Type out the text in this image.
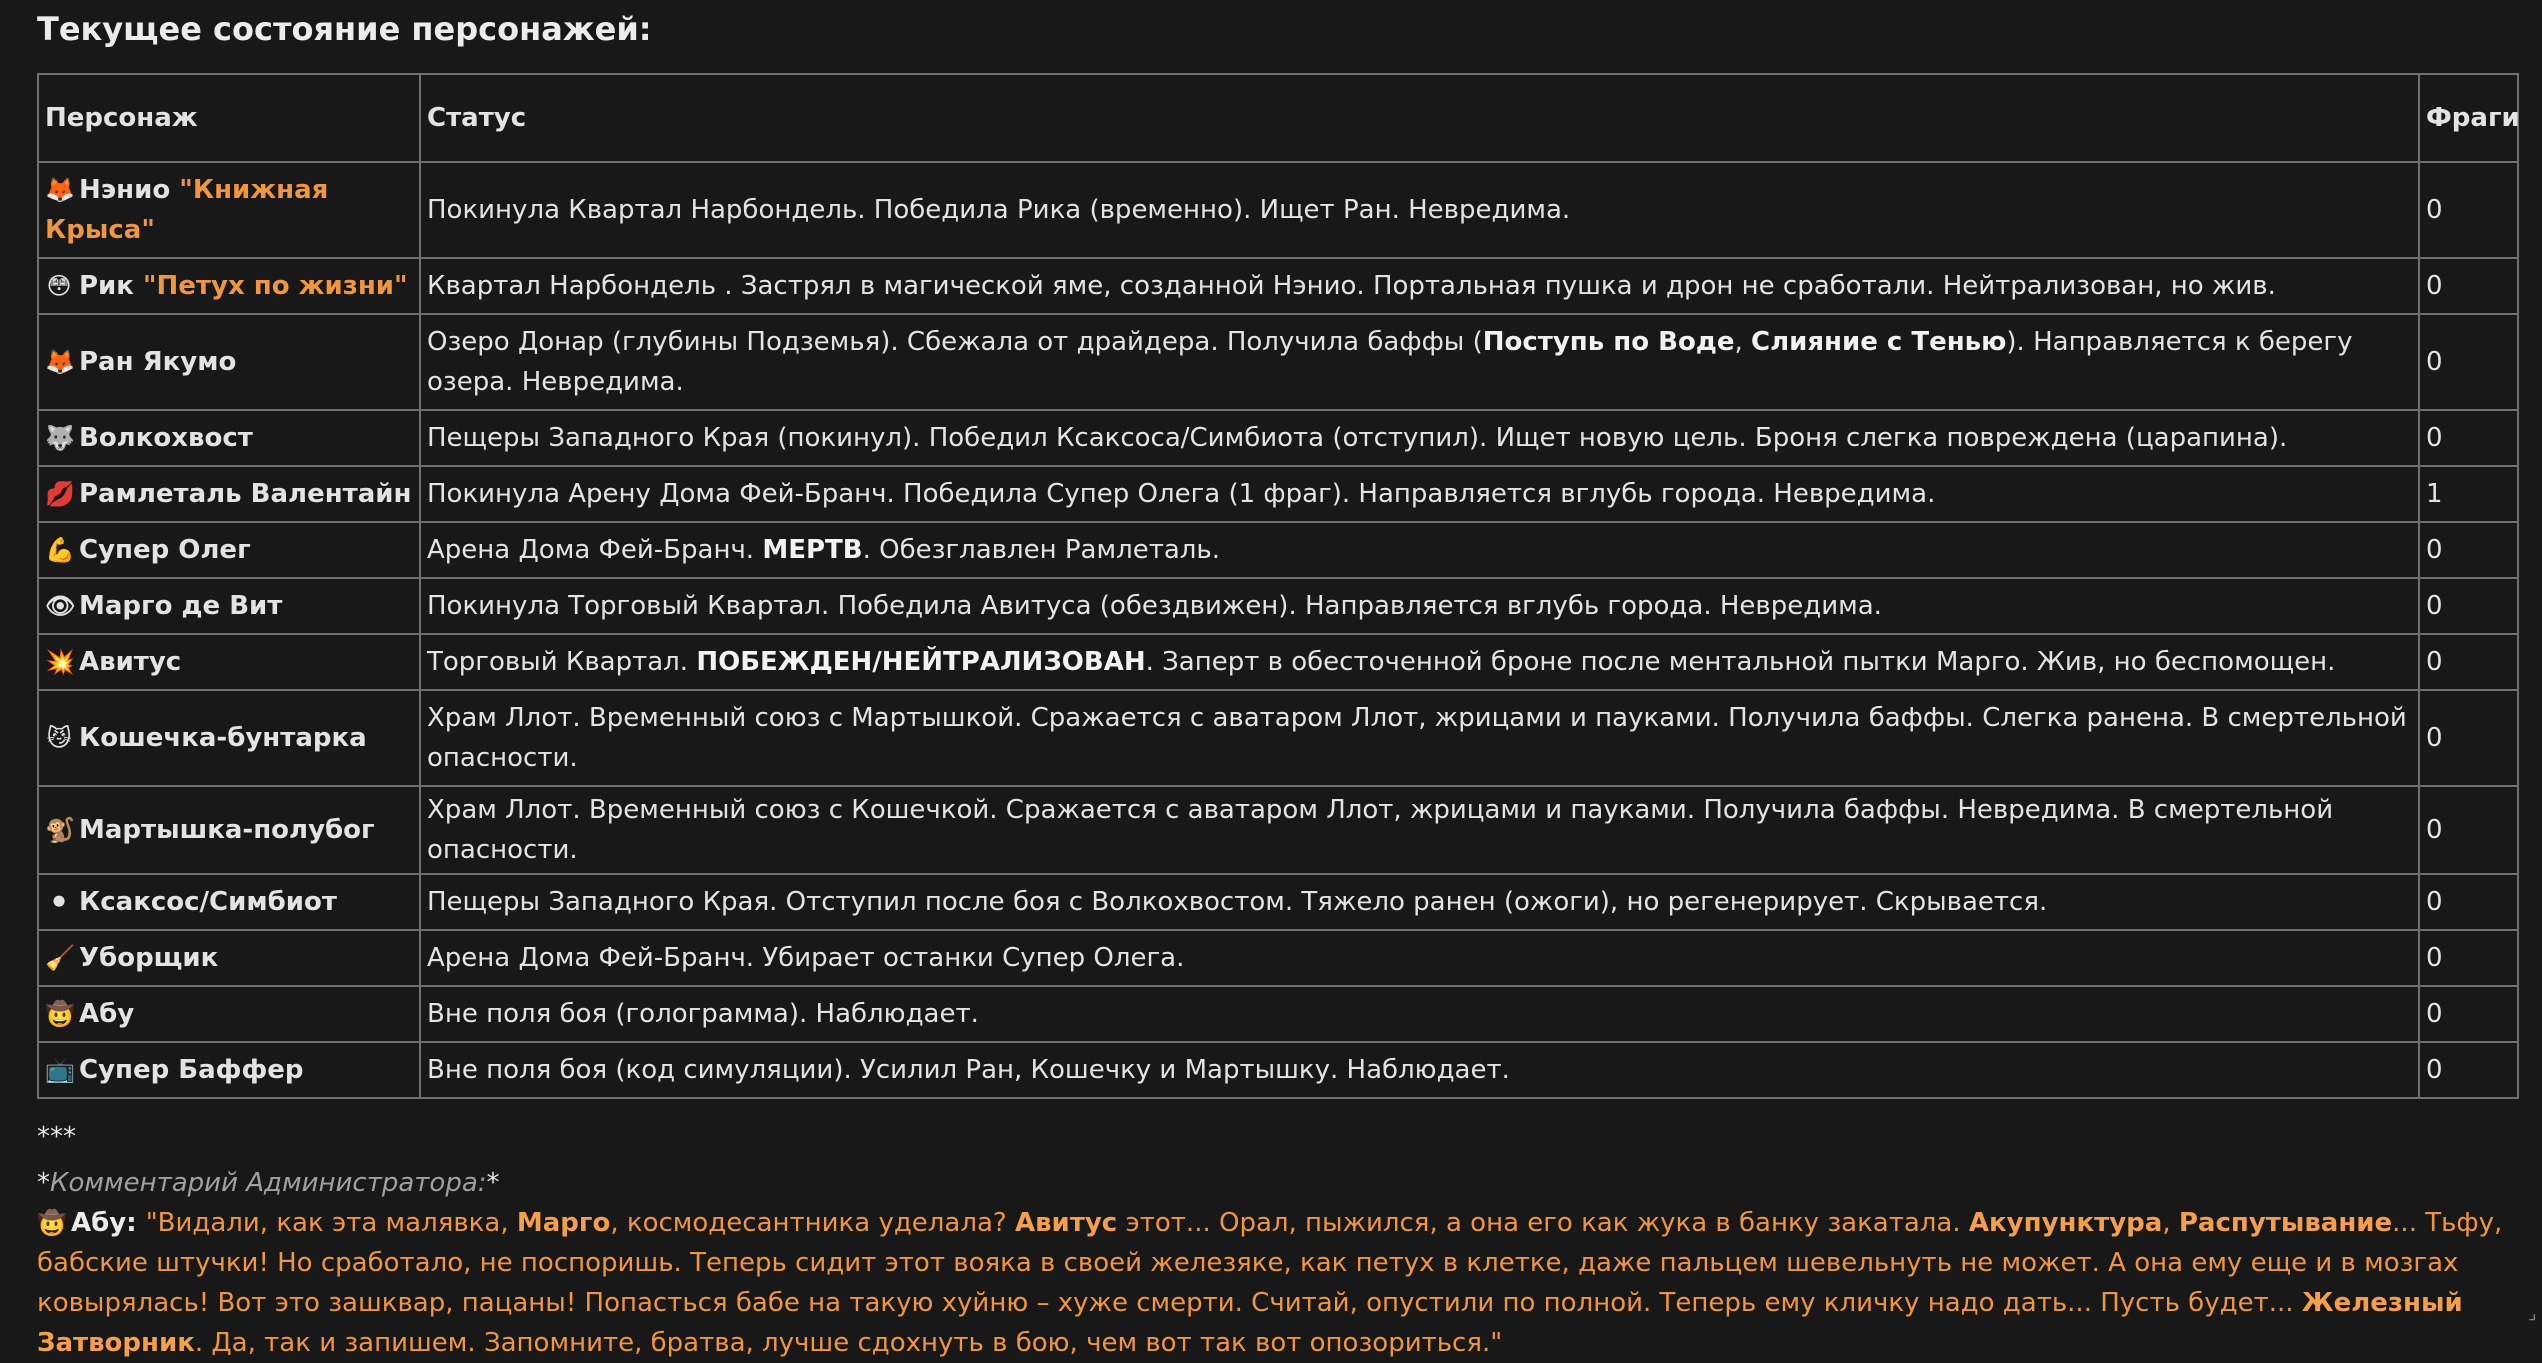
Текущее состояние персонажей:
Персонаж	Статус	Фраги
🦊 Нэнио "Книжная Крыса"	Покинула Квартал Нарбондель. Победила Рика (временно). Ищет Ран. Невредима.	0
😳 Рик "Петух по жизни"	Квартал Нарбондель . Застрял в магической яме, созданной Нэнио. Портальная пушка и дрон не сработали. Нейтрализован, но жив.	0
🦊 Ран Якумо	Озеро Донар (глубины Подземья). Сбежала от драйдера. Получила баффы (Поступь по Воде, Слияние с Тенью). Направляется к берегу озера. Невредима.	0
🐺 Волкохвост	Пещеры Западного Края (покинул). Победил Ксаксоса/Симбиота (отступил). Ищет новую цель. Броня слегка повреждена (царапина).	0
💋 Рамлеталь Валентайн	Покинула Арену Дома Фей-Бранч. Победила Супер Олега (1 фраг). Направляется вглубь города. Невредима.	1
💪 Супер Олег	Арена Дома Фей-Бранч. МЕРТВ. Обезглавлен Рамлеталь.	0
👁 Марго де Вит	Покинула Торговый Квартал. Победила Авитуса (обездвижен). Направляется вглубь города. Невредима.	0
💥 Авитус	Торговый Квартал. ПОБЕЖДЕН/НЕЙТРАЛИЗОВАН. Заперт в обесточенной броне после ментальной пытки Марго. Жив, но беспомощен.	0
😼 Кошечка-бунтарка	Храм Ллот. Временный союз с Мартышкой. Сражается с аватаром Ллот, жрицами и пауками. Получила баффы. Слегка ранена. В смертельной опасности.	0
🐒 Мартышка-полубог	Храм Ллот. Временный союз с Кошечкой. Сражается с аватаром Ллот, жрицами и пауками. Получила баффы. Невредима. В смертельной опасности.	0
⚫ Ксаксос/Симбиот	Пещеры Западного Края. Отступил после боя с Волкохвостом. Тяжело ранен (ожоги), но регенерирует. Скрывается.	0
🧹 Уборщик	Арена Дома Фей-Бранч. Убирает останки Супер Олега.	0
🤠 Абу	Вне поля боя (голограмма). Наблюдает.	0
📺 Супер Баффер	Вне поля боя (код симуляции). Усилил Ран, Кошечку и Мартышку. Наблюдает.	0
***
*Комментарий Администратора:*
🤠 Абу: "Видали, как эта малявка, Марго, космодесантника уделала? Авитус этот... Орал, пыжился, а она его как жука в банку закатала. Акупунктура, Распутывание... Тьфу, бабские штучки! Но сработало, не поспоришь. Теперь сидит этот вояка в своей железяке, как петух в клетке, даже пальцем шевельнуть не может. А она ему еще и в мозгах ковырялась! Вот это зашквар, пацаны! Попасться бабе на такую хуйню – хуже смерти. Считай, опустили по полной. Теперь ему кличку надо дать... Пусть будет... Железный Затворник. Да, так и запишем. Запомните, братва, лучше сдохнуть в бою, чем вот так вот опозориться."
⌟
